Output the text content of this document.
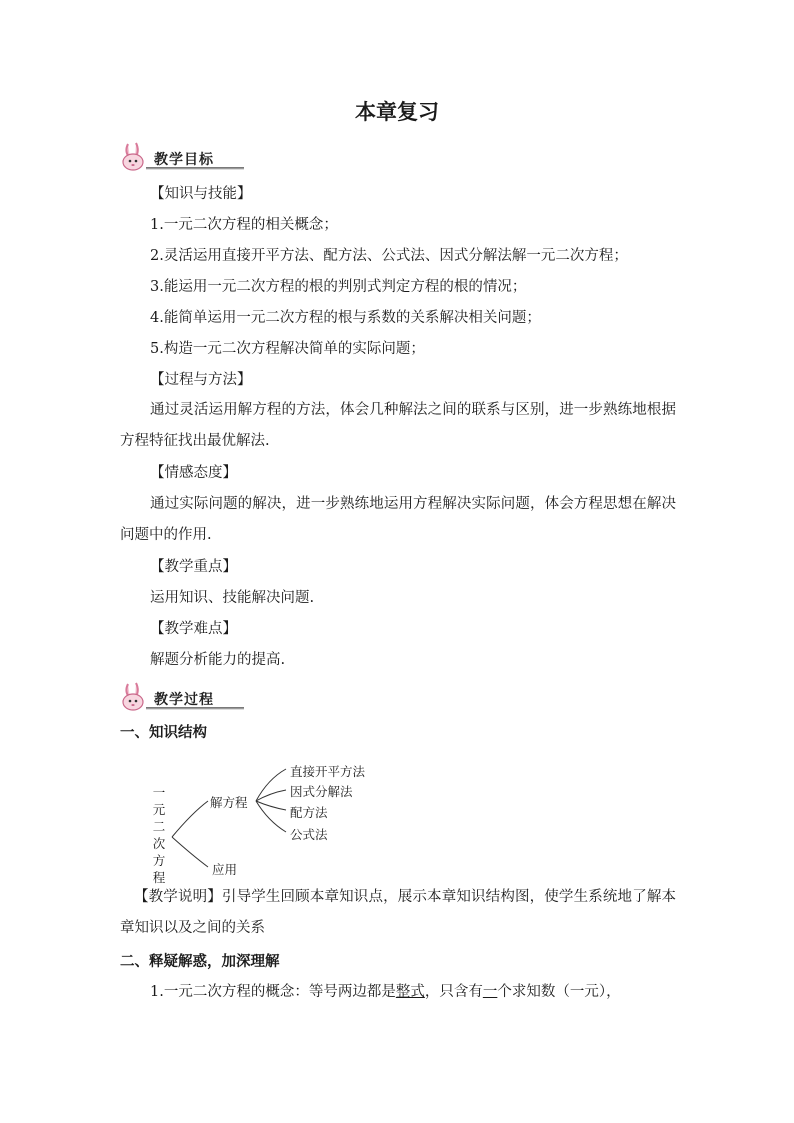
本章复习
教学目标
【知识与技能】
1.一元二次方程的相关概念；
2.灵活运用直接开平方法、配方法、公式法、因式分解法解一元二次方程；
3.能运用一元二次方程的根的判别式判定方程的根的情况；
4.能简单运用一元二次方程的根与系数的关系解决相关问题；
5.构造一元二次方程解决简单的实际问题；
【过程与方法】
通过灵活运用解方程的方法，体会几种解法之间的联系与区别，进一步熟练地根据方程特征找出最优解法.
【情感态度】
通过实际问题的解决，进一步熟练地运用方程解决实际问题，体会方程思想在解决问题中的作用.
【教学重点】
运用知识、技能解决问题.
【教学难点】
解题分析能力的提高.
教学过程
一、知识结构
一
元
二
次
方
程
解方程
应用
直接开平方法
因式分解法
配方法
公式法
【教学说明】引导学生回顾本章知识点，展示本章知识结构图，使学生系统地了解本章知识以及之间的关系
二、释疑解惑，加深理解
1.一元二次方程的概念：等号两边都是整式，只含有一个求知数（一元），
